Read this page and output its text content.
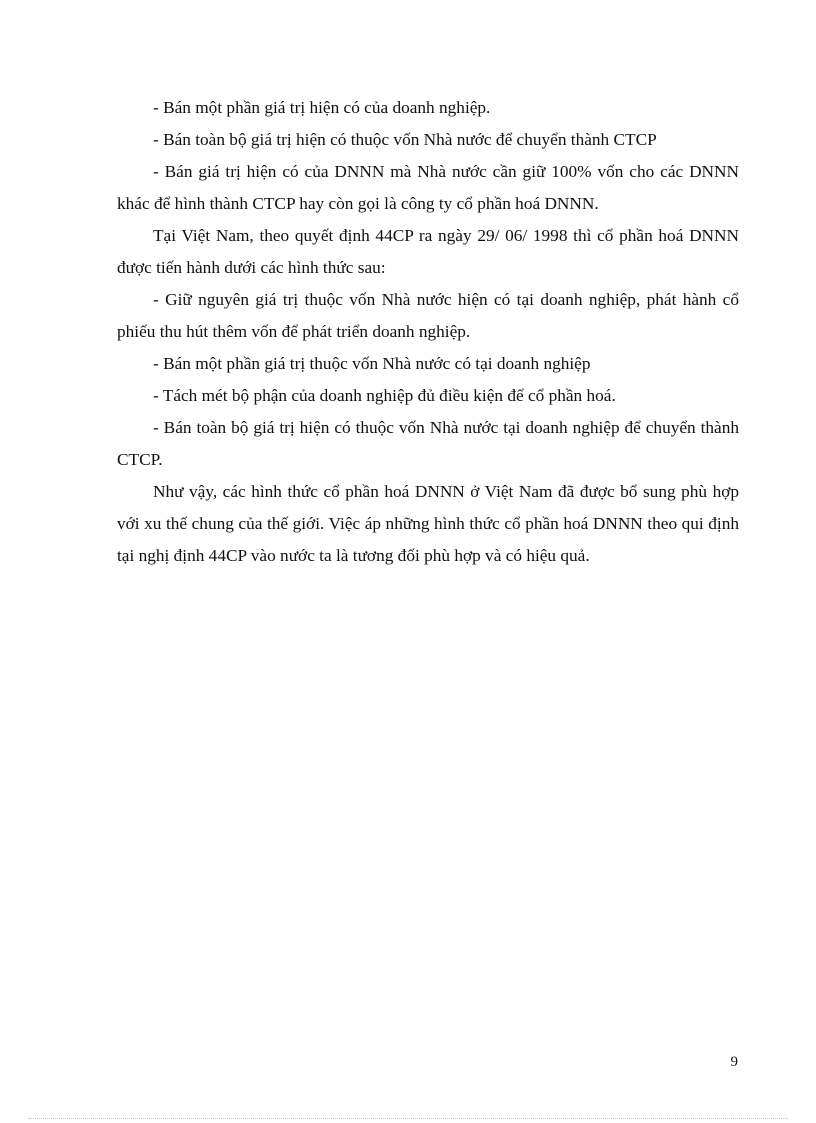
- Bán một phần giá trị hiện có của doanh nghiệp.

- Bán toàn bộ giá trị hiện có thuộc vốn Nhà nước để chuyển thành CTCP

- Bán giá trị hiện có của DNNN mà Nhà nước cần giữ 100% vốn cho các DNNN khác để hình thành CTCP hay còn gọi là công ty cổ phần hoá DNNN.

Tại Việt Nam, theo quyết định 44CP ra ngày 29/ 06/ 1998 thì cổ phần hoá DNNN được tiến hành dưới các hình thức sau:

- Giữ nguyên giá trị thuộc vốn Nhà nước hiện có tại doanh nghiệp, phát hành cổ phiếu thu hút thêm vốn để phát triển doanh nghiệp.

- Bán một phần giá trị thuộc vốn Nhà nước có tại doanh nghiệp

- Tách mét bộ phận của doanh nghiệp đủ điều kiện để cổ phần hoá.

- Bán toàn bộ giá trị hiện có thuộc vốn Nhà nước tại doanh nghiệp để chuyển thành CTCP.

Như vậy, các hình thức cổ phần hoá DNNN ở Việt Nam đã được bổ sung phù hợp với xu thế chung của thế giới. Việc áp những hình thức cổ phần hoá DNNN theo qui định tại nghị định 44CP vào nước ta là tương đối phù hợp và có hiệu quả.

9
